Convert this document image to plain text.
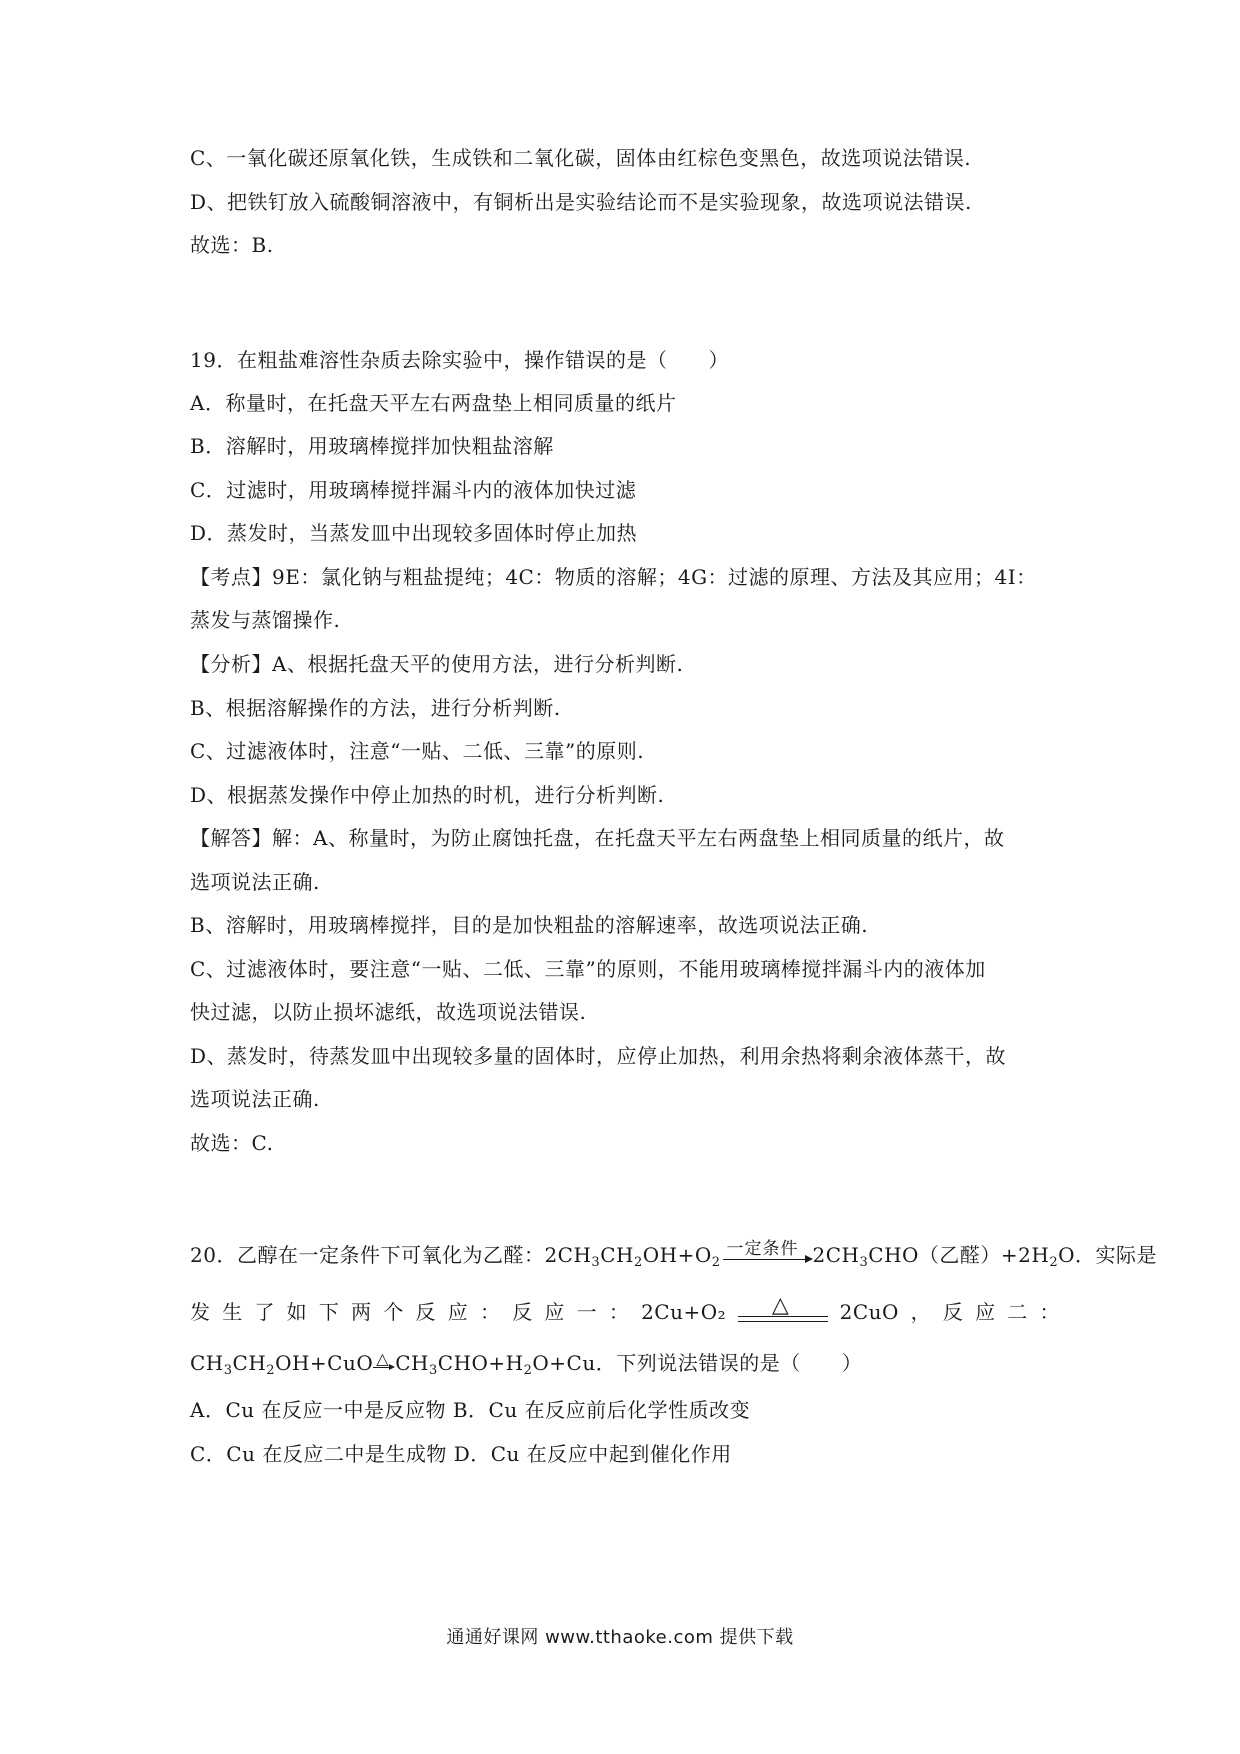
C、一氧化碳还原氧化铁，生成铁和二氧化碳，固体由红棕色变黑色，故选项说法错误.
D、把铁钉放入硫酸铜溶液中，有铜析出是实验结论而不是实验现象，故选项说法错误.
故选：B.
19．在粗盐难溶性杂质去除实验中，操作错误的是（　　）
A．称量时，在托盘天平左右两盘垫上相同质量的纸片
B．溶解时，用玻璃棒搅拌加快粗盐溶解
C．过滤时，用玻璃棒搅拌漏斗内的液体加快过滤
D．蒸发时，当蒸发皿中出现较多固体时停止加热
【考点】9E：氯化钠与粗盐提纯；4C：物质的溶解；4G：过滤的原理、方法及其应用；4I：
蒸发与蒸馏操作.
【分析】A、根据托盘天平的使用方法，进行分析判断.
B、根据溶解操作的方法，进行分析判断.
C、过滤液体时，注意“一贴、二低、三靠”的原则.
D、根据蒸发操作中停止加热的时机，进行分析判断.
【解答】解：A、称量时，为防止腐蚀托盘，在托盘天平左右两盘垫上相同质量的纸片，故
选项说法正确.
B、溶解时，用玻璃棒搅拌，目的是加快粗盐的溶解速率，故选项说法正确.
C、过滤液体时，要注意“一贴、二低、三靠”的原则，不能用玻璃棒搅拌漏斗内的液体加
快过滤，以防止损坏滤纸，故选项说法错误.
D、蒸发时，待蒸发皿中出现较多量的固体时，应停止加热，利用余热将剩余液体蒸干，故
选项说法正确.
故选：C.
20．乙醇在一定条件下可氧化为乙醛：$2CH_3CH_2OH+O_2$
一定条件 $2CH_3CHO$（乙醛）$+2H_2O$．实际是
发 生 了 如 下 两 个 反 应 ： 反 应 一 ： 2Cu+O₂ △	2CuO ， 反 应 二 ：
$CH_3CH_2OH+CuO$ △ $CH_3CHO+H_2O+Cu$．下列说法错误的是（　　）
A．Cu 在反应一中是反应物 B．Cu 在反应前后化学性质改变
C．Cu 在反应二中是生成物 D．Cu 在反应中起到催化作用
通通好课网 www.tthaoke.com 提供下载
